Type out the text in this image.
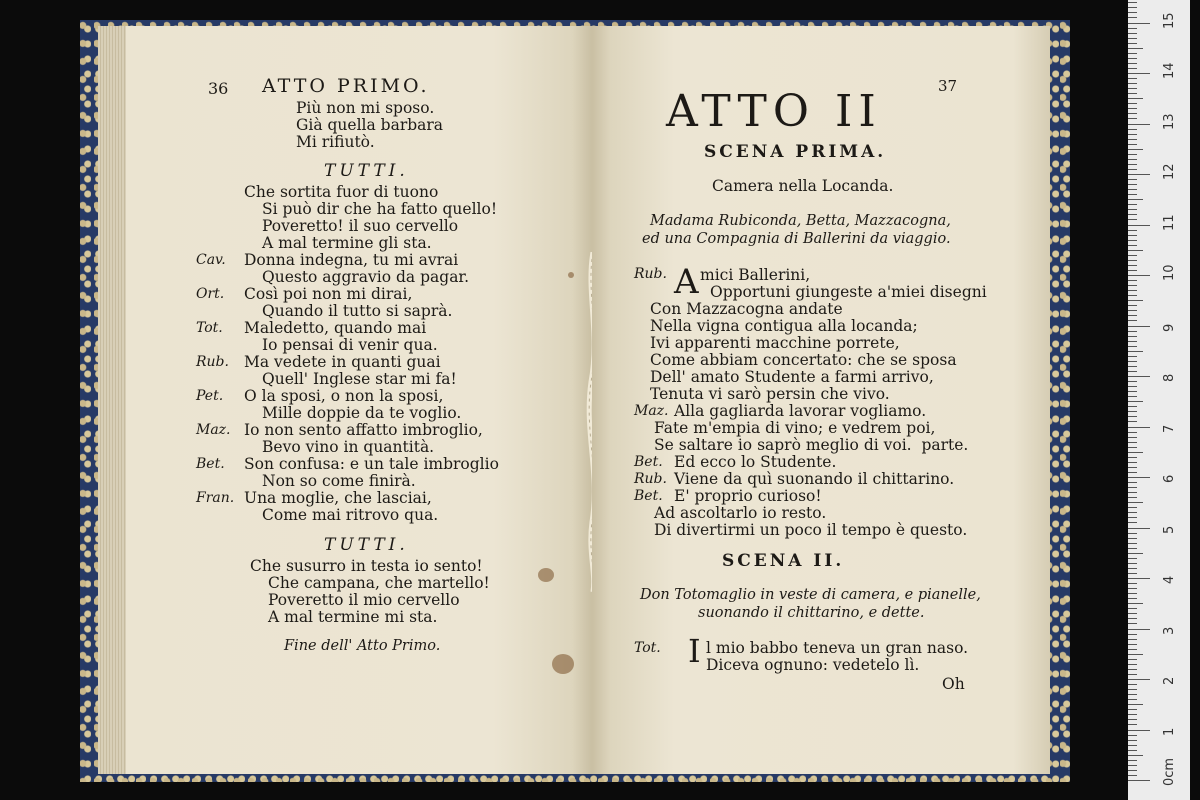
36 ATTO PRIMO.
Più non mi sposo.
Già quella barbara
Mi rifiutò.
TUTTI.
Che sortita fuor di tuono
Si può dir che ha fatto quello!
Poveretto! il suo cervello
A mal termine gli sta.
Cav. Donna indegna, tu mi avrai
Questo aggravio da pagar.
Ort. Così poi non mi dirai,
Quando il tutto si saprà.
Tot. Maledetto, quando mai
Io pensai di venir qua.
Rub. Ma vedete in quanti guai
Quell' Inglese star mi fa!
Pet. O la sposi, o non la sposi,
Mille doppie da te voglio.
Maz. Io non sento affatto imbroglio,
Bevo vino in quantità.
Bet. Son confusa: e un tale imbroglio
Non so come finirà.
Fran. Una moglie, che lasciai,
Come mai ritrovo qua.
TUTTI.
Che susurro in testa io sento!
Che campana, che martello!
Poveretto il mio cervello
A mal termine mi sta.
Fine dell' Atto Primo.
ATTO II	37
SCENA PRIMA.
Camera nella Locanda.
Madama Rubiconda, Betta, Mazzacogna,
ed una Compagnia di Ballerini da viaggio.
Rub. A mici Ballerini,
Opportuni giungeste a'miei disegni
Con Mazzacogna andate
Nella vigna contigua alla locanda;
Ivi apparenti macchine porrete,
Come abbiam concertato: che se sposa
Dell' amato Studente a farmi arrivo,
Tenuta vi sarò persin che vivo.
Maz. Alla gagliarda lavorar vogliamo.
Fate m'empia di vino; e vedrem poi,
Se saltare io saprò meglio di voi.  parte.
Bet. Ed ecco lo Studente.
Rub. Viene da quì suonando il chittarino.
Bet. E' proprio curioso!
Ad ascoltarlo io resto.
Di divertirmi un poco il tempo è questo.
SCENA II.
Don Totomaglio in veste di camera, e pianelle,
suonando il chittarino, e dette.
Tot. I l mio babbo teneva un gran naso.
Diceva ognuno: vedetelo lì.
Oh
0cm
1
2
3
4
5
6
7
8
9
10
11
12
13
14
15
